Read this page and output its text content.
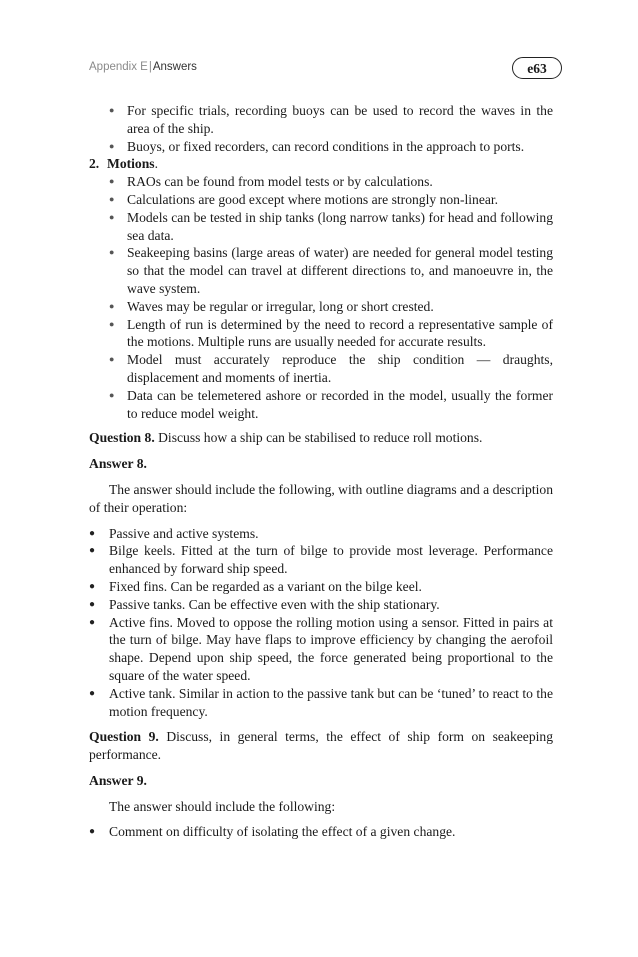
Appendix E|Answers	e63
● For specific trials, recording buoys can be used to record the waves in the area of the ship.
● Buoys, or fixed recorders, can record conditions in the approach to ports.
2. Motions.
● RAOs can be found from model tests or by calculations.
● Calculations are good except where motions are strongly non-linear.
● Models can be tested in ship tanks (long narrow tanks) for head and following sea data.
● Seakeeping basins (large areas of water) are needed for general model testing so that the model can travel at different directions to, and manoeuvre in, the wave system.
● Waves may be regular or irregular, long or short crested.
● Length of run is determined by the need to record a representative sample of the motions. Multiple runs are usually needed for accurate results.
● Model must accurately reproduce the ship condition — draughts, displacement and moments of inertia.
● Data can be telemetered ashore or recorded in the model, usually the former to reduce model weight.
Question 8. Discuss how a ship can be stabilised to reduce roll motions.
Answer 8.
The answer should include the following, with outline diagrams and a description of their operation:
● Passive and active systems.
● Bilge keels. Fitted at the turn of bilge to provide most leverage. Performance enhanced by forward ship speed.
● Fixed fins. Can be regarded as a variant on the bilge keel.
● Passive tanks. Can be effective even with the ship stationary.
● Active fins. Moved to oppose the rolling motion using a sensor. Fitted in pairs at the turn of bilge. May have flaps to improve efficiency by changing the aerofoil shape. Depend upon ship speed, the force generated being proportional to the square of the water speed.
● Active tank. Similar in action to the passive tank but can be ‘tuned’ to react to the motion frequency.
Question 9. Discuss, in general terms, the effect of ship form on seakeeping performance.
Answer 9.
The answer should include the following:
● Comment on difficulty of isolating the effect of a given change.
